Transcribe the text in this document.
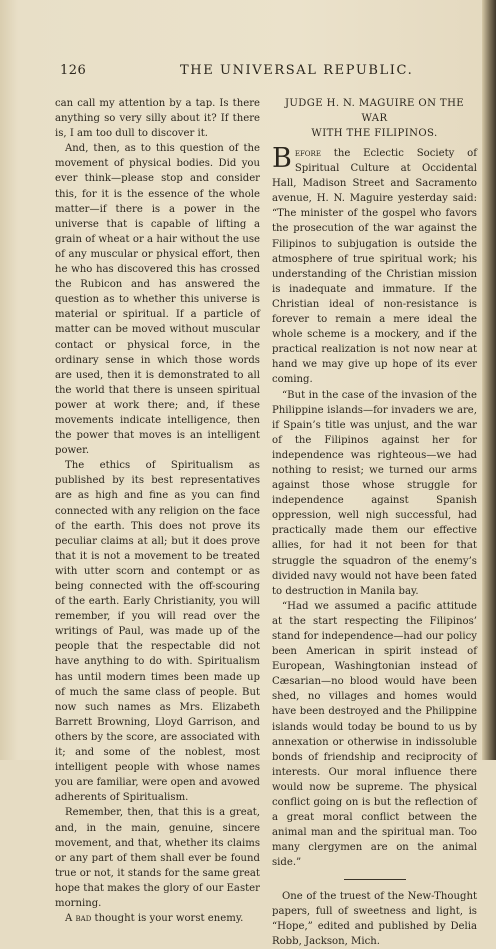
126	THE UNIVERSAL REPUBLIC.

can call my attention by a tap. Is there anything so very silly about it? If there is, I am too dull to discover it.

And, then, as to this question of the movement of physical bodies. Did you ever think—please stop and consider this, for it is the essence of the whole matter—if there is a power in the universe that is capable of lifting a grain of wheat or a hair without the use of any muscular or physical effort, then he who has discovered this has crossed the Rubicon and has answered the question as to whether this universe is material or spiritual. If a particle of matter can be moved without muscular contact or physical force, in the ordinary sense in which those words are used, then it is demonstrated to all the world that there is unseen spiritual power at work there; and, if these movements indicate intelligence, then the power that moves is an intelligent power.

The ethics of Spiritualism as published by its best representatives are as high and fine as you can find connected with any religion on the face of the earth. This does not prove its peculiar claims at all; but it does prove that it is not a movement to be treated with utter scorn and contempt or as being connected with the off-scouring of the earth. Early Christianity, you will remember, if you will read over the writings of Paul, was made up of the people that the respectable did not have anything to do with. Spiritualism has until modern times been made up of much the same class of people. But now such names as Mrs. Elizabeth Barrett Browning, Lloyd Garrison, and others by the score, are associated with it; and some of the noblest, most intelligent people with whose names you are familiar, were open and avowed adherents of Spiritualism.

Remember, then, that this is a great, and, in the main, genuine, sincere movement, and that, whether its claims or any part of them shall ever be found true or not, it stands for the same great hope that makes the glory of our Easter morning.

A bad thought is your worst enemy.

JUDGE H. N. MAGUIRE ON THE WAR
WITH THE FILIPINOS.

Before the Eclectic Society of Spiritual Culture at Occidental Hall, Madison Street and Sacramento avenue, H. N. Maguire yesterday said: “The minister of the gospel who favors the prosecution of the war against the Filipinos to subjugation is outside the atmosphere of true spiritual work; his understanding of the Christian mission is inadequate and immature. If the Christian ideal of non-resistance is forever to remain a mere ideal the whole scheme is a mockery, and if the practical realization is not now near at hand we may give up hope of its ever coming.

“But in the case of the invasion of the Philippine islands—for invaders we are, if Spain’s title was unjust, and the war of the Filipinos against her for independence was righteous—we had nothing to resist; we turned our arms against those whose struggle for independence against Spanish oppression, well nigh successful, had practically made them our effective allies, for had it not been for that struggle the squadron of the enemy’s divided navy would not have been fated to destruction in Manila bay.

“Had we assumed a pacific attitude at the start respecting the Filipinos’ stand for independence—had our policy been American in spirit instead of European, Washingtonian instead of Cæsarian—no blood would have been shed, no villages and homes would have been destroyed and the Philippine islands would today be bound to us by annexation or otherwise in indissoluble bonds of friendship and reciprocity of interests. Our moral influence there would now be supreme. The physical conflict going on is but the reflection of a great moral conflict between the animal man and the spiritual man. Too many clergymen are on the animal side.”

One of the truest of the New-Thought papers, full of sweetness and light, is “Hope,” edited and published by Delia Robb, Jackson, Mich.
